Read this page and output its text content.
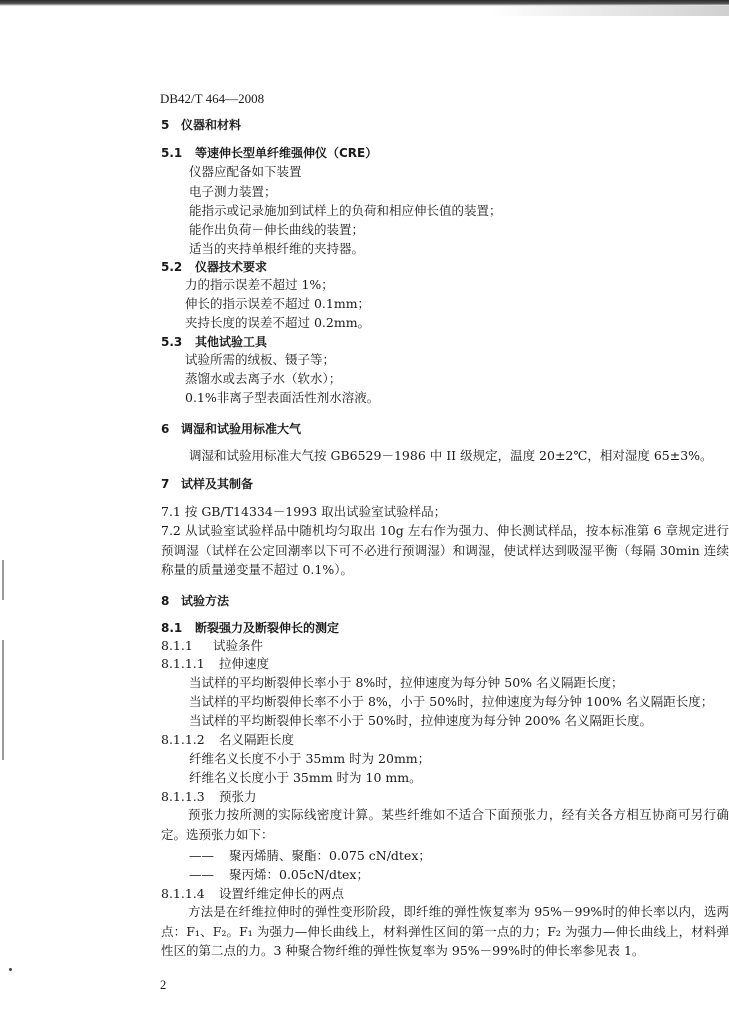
DB42/T 464—2008
5 仪器和材料
5.1 等速伸长型单纤维强伸仪（CRE）
仪器应配备如下装置
电子测力装置；
能指示或记录施加到试样上的负荷和相应伸长值的装置；
能作出负荷－伸长曲线的装置；
适当的夹持单根纤维的夹持器。
5.2 仪器技术要求
力的指示误差不超过 1%；
伸长的指示误差不超过 0.1mm；
夹持长度的误差不超过 0.2mm。
5.3 其他试验工具
试验所需的绒板、镊子等；
蒸馏水或去离子水（软水）；
0.1%非离子型表面活性剂水溶液。
6 调湿和试验用标准大气
调湿和试验用标准大气按 GB6529－1986 中 II 级规定，温度 20±2℃，相对湿度 65±3%。
7 试样及其制备
7.1 按 GB/T14334－1993 取出试验室试验样品；
7.2 从试验室试验样品中随机均匀取出 10g 左右作为强力、伸长测试样品，按本标准第 6 章规定进行预调湿（试样在公定回潮率以下可不必进行预调湿）和调湿，使试样达到吸湿平衡（每隔 30min 连续称量的质量递变量不超过 0.1%）。
8 试验方法
8.1 断裂强力及断裂伸长的测定
8.1.1 试验条件
8.1.1.1 拉伸速度
当试样的平均断裂伸长率小于 8%时，拉伸速度为每分钟 50% 名义隔距长度；
当试样的平均断裂伸长率不小于 8%，小于 50%时，拉伸速度为每分钟 100% 名义隔距长度；
当试样的平均断裂伸长率不小于 50%时，拉伸速度为每分钟 200% 名义隔距长度。
8.1.1.2 名义隔距长度
纤维名义长度不小于 35mm 时为 20mm；
纤维名义长度小于 35mm 时为 10 mm。
8.1.1.3 预张力
预张力按所测的实际线密度计算。某些纤维如不适合下面预张力，经有关各方相互协商可另行确定。选预张力如下：
—— 聚丙烯腈、聚酯：0.075 cN/dtex；
—— 聚丙烯：0.05cN/dtex；
8.1.1.4 设置纤维定伸长的两点
方法是在纤维拉伸时的弹性变形阶段，即纤维的弹性恢复率为 95%－99%时的伸长率以内，选两点：F₁、F₂。F₁ 为强力—伸长曲线上，材料弹性区间的第一点的力；F₂ 为强力—伸长曲线上，材料弹性区的第二点的力。3 种聚合物纤维的弹性恢复率为 95%－99%时的伸长率参见表 1。
2
